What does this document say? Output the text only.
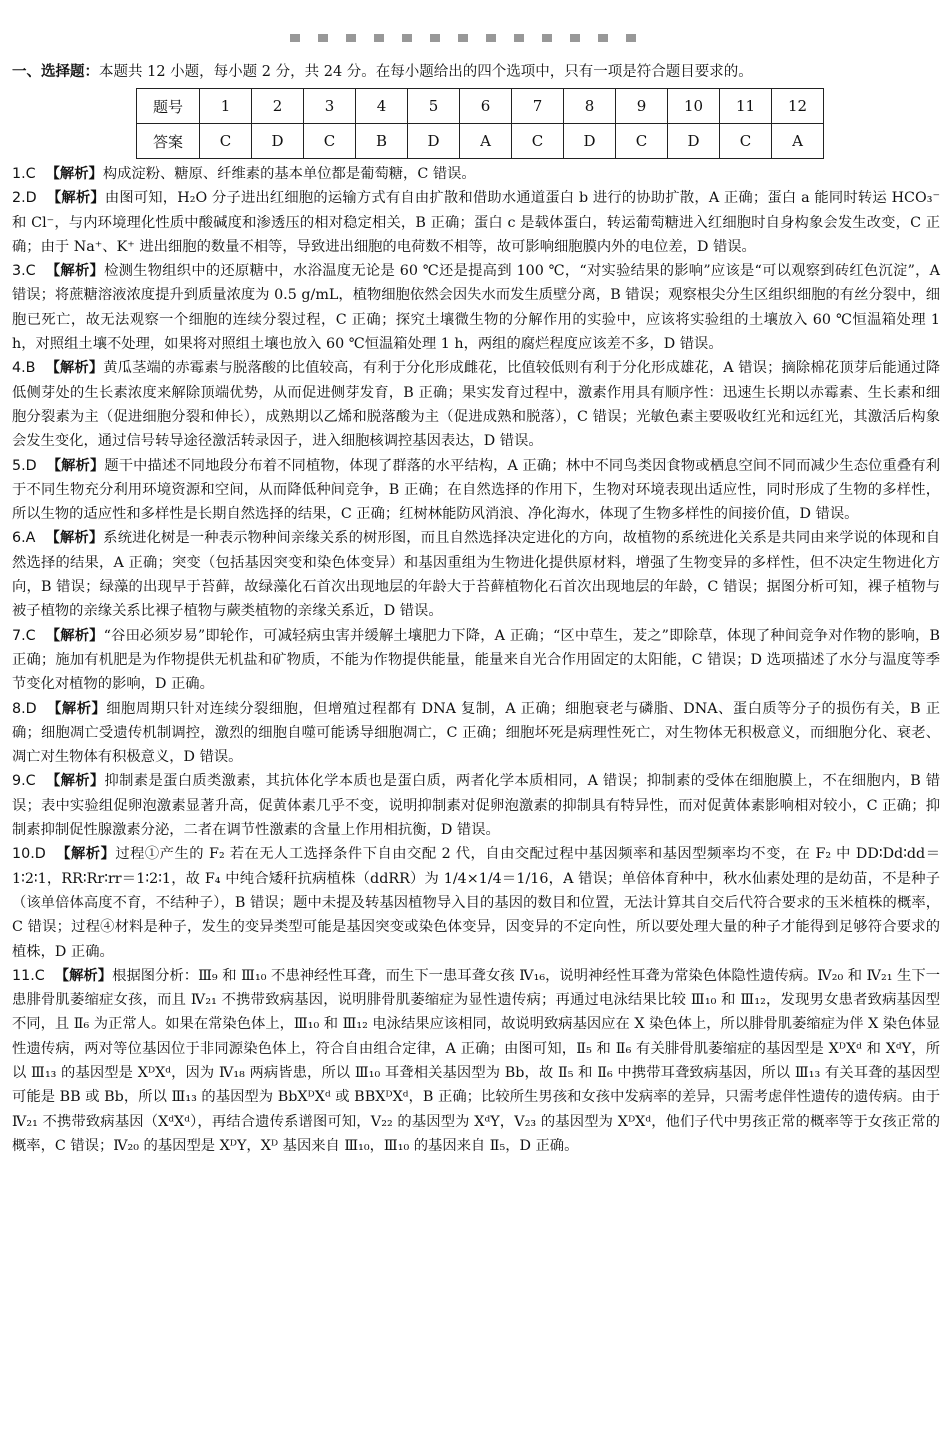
一、选择题：本题共 12 小题，每小题 2 分，共 24 分。在每小题给出的四个选项中，只有一项是符合题目要求的。
题号	1	2	3	4	5	6	7	8	9	10	11	12
答案	C	D	C	B	D	A	C	D	C	D	C	A

1.C 【解析】构成淀粉、糖原、纤维素的基本单位都是葡萄糖，C 错误。

2.D 【解析】由图可知，H₂O 分子进出红细胞的运输方式有自由扩散和借助水通道蛋白 b 进行的协助扩散，A 正确；蛋白 a 能同时转运 HCO₃⁻ 和 Cl⁻，与内环境理化性质中酸碱度和渗透压的相对稳定相关，B 正确；蛋白 c 是载体蛋白，转运葡萄糖进入红细胞时自身构象会发生改变，C 正确；由于 Na⁺、K⁺ 进出细胞的数量不相等，导致进出细胞的电荷数不相等，故可影响细胞膜内外的电位差，D 错误。

3.C 【解析】检测生物组织中的还原糖中，水浴温度无论是 60 ℃还是提高到 100 ℃，“对实验结果的影响”应该是“可以观察到砖红色沉淀”，A 错误；将蔗糖溶液浓度提升到质量浓度为 0.5 g/mL，植物细胞依然会因失水而发生质壁分离，B 错误；观察根尖分生区组织细胞的有丝分裂中，细胞已死亡，故无法观察一个细胞的连续分裂过程，C 正确；探究土壤微生物的分解作用的实验中，应该将实验组的土壤放入 60 ℃恒温箱处理 1 h，对照组土壤不处理，如果将对照组土壤也放入 60 ℃恒温箱处理 1 h，两组的腐烂程度应该差不多，D 错误。

4.B 【解析】黄瓜茎端的赤霉素与脱落酸的比值较高，有利于分化形成雌花，比值较低则有利于分化形成雄花，A 错误；摘除棉花顶芽后能通过降低侧芽处的生长素浓度来解除顶端优势，从而促进侧芽发育，B 正确；果实发育过程中，激素作用具有顺序性：迅速生长期以赤霉素、生长素和细胞分裂素为主（促进细胞分裂和伸长），成熟期以乙烯和脱落酸为主（促进成熟和脱落），C 错误；光敏色素主要吸收红光和远红光，其激活后构象会发生变化，通过信号转导途径激活转录因子，进入细胞核调控基因表达，D 错误。

5.D 【解析】题干中描述不同地段分布着不同植物，体现了群落的水平结构，A 正确；林中不同鸟类因食物或栖息空间不同而减少生态位重叠有利于不同生物充分利用环境资源和空间，从而降低种间竞争，B 正确；在自然选择的作用下，生物对环境表现出适应性，同时形成了生物的多样性，所以生物的适应性和多样性是长期自然选择的结果，C 正确；红树林能防风消浪、净化海水，体现了生物多样性的间接价值，D 错误。

6.A 【解析】系统进化树是一种表示物种间亲缘关系的树形图，而且自然选择决定进化的方向，故植物的系统进化关系是共同由来学说的体现和自然选择的结果，A 正确；突变（包括基因突变和染色体变异）和基因重组为生物进化提供原材料，增强了生物变异的多样性，但不决定生物进化方向，B 错误；绿藻的出现早于苔藓，故绿藻化石首次出现地层的年龄大于苔藓植物化石首次出现地层的年龄，C 错误；据图分析可知，裸子植物与被子植物的亲缘关系比裸子植物与蕨类植物的亲缘关系近，D 错误。

7.C 【解析】“谷田必须岁易”即轮作，可减轻病虫害并缓解土壤肥力下降，A 正确；“区中草生，茇之”即除草，体现了种间竞争对作物的影响，B 正确；施加有机肥是为作物提供无机盐和矿物质，不能为作物提供能量，能量来自光合作用固定的太阳能，C 错误；D 选项描述了水分与温度等季节变化对植物的影响，D 正确。

8.D 【解析】细胞周期只针对连续分裂细胞，但增殖过程都有 DNA 复制，A 正确；细胞衰老与磷脂、DNA、蛋白质等分子的损伤有关，B 正确；细胞凋亡受遗传机制调控，激烈的细胞自噬可能诱导细胞凋亡，C 正确；细胞坏死是病理性死亡，对生物体无积极意义，而细胞分化、衰老、凋亡对生物体有积极意义，D 错误。

9.C 【解析】抑制素是蛋白质类激素，其抗体化学本质也是蛋白质，两者化学本质相同，A 错误；抑制素的受体在细胞膜上，不在细胞内，B 错误；表中实验组促卵泡激素显著升高，促黄体素几乎不变，说明抑制素对促卵泡激素的抑制具有特异性，而对促黄体素影响相对较小，C 正确；抑制素抑制促性腺激素分泌，二者在调节性激素的含量上作用相抗衡，D 错误。

10.D 【解析】过程①产生的 F₂ 若在无人工选择条件下自由交配 2 代，自由交配过程中基因频率和基因型频率均不变，在 F₂ 中 DD∶Dd∶dd＝1∶2∶1，RR∶Rr∶rr＝1∶2∶1，故 F₄ 中纯合矮秆抗病植株（ddRR）为 1/4×1/4＝1/16，A 错误；单倍体育种中，秋水仙素处理的是幼苗，不是种子（该单倍体高度不育，不结种子），B 错误；题中未提及转基因植物导入目的基因的数目和位置，无法计算其自交后代符合要求的玉米植株的概率，C 错误；过程④材料是种子，发生的变异类型可能是基因突变或染色体变异，因变异的不定向性，所以要处理大量的种子才能得到足够符合要求的植株，D 正确。

11.C 【解析】根据图分析：Ⅲ₉ 和 Ⅲ₁₀ 不患神经性耳聋，而生下一患耳聋女孩 Ⅳ₁₆，说明神经性耳聋为常染色体隐性遗传病。Ⅳ₂₀ 和 Ⅳ₂₁ 生下一患腓骨肌萎缩症女孩，而且 Ⅳ₂₁ 不携带致病基因，说明腓骨肌萎缩症为显性遗传病；再通过电泳结果比较 Ⅲ₁₀ 和 Ⅲ₁₂，发现男女患者致病基因型不同，且 Ⅱ₆ 为正常人。如果在常染色体上，Ⅲ₁₀ 和 Ⅲ₁₂ 电泳结果应该相同，故说明致病基因应在 X 染色体上，所以腓骨肌萎缩症为伴 X 染色体显性遗传病，两对等位基因位于非同源染色体上，符合自由组合定律，A 正确；由图可知，Ⅱ₅ 和 Ⅱ₆ 有关腓骨肌萎缩症的基因型是 XᴰXᵈ 和 XᵈY，所以 Ⅲ₁₃ 的基因型是 XᴰXᵈ，因为 Ⅳ₁₈ 两病皆患，所以 Ⅲ₁₀ 耳聋相关基因型为 Bb，故 Ⅱ₅ 和 Ⅱ₆ 中携带耳聋致病基因，所以 Ⅲ₁₃ 有关耳聋的基因型可能是 BB 或 Bb，所以 Ⅲ₁₃ 的基因型为 BbXᴰXᵈ 或 BBXᴰXᵈ，B 正确；比较所生男孩和女孩中发病率的差异，只需考虑伴性遗传的遗传病。由于 Ⅳ₂₁ 不携带致病基因（XᵈXᵈ），再结合遗传系谱图可知，Ⅴ₂₂ 的基因型为 XᵈY，Ⅴ₂₃ 的基因型为 XᴰXᵈ，他们子代中男孩正常的概率等于女孩正常的概率，C 错误；Ⅳ₂₀ 的基因型是 XᴰY，Xᴰ 基因来自 Ⅲ₁₀，Ⅲ₁₀ 的基因来自 Ⅱ₅，D 正确。
